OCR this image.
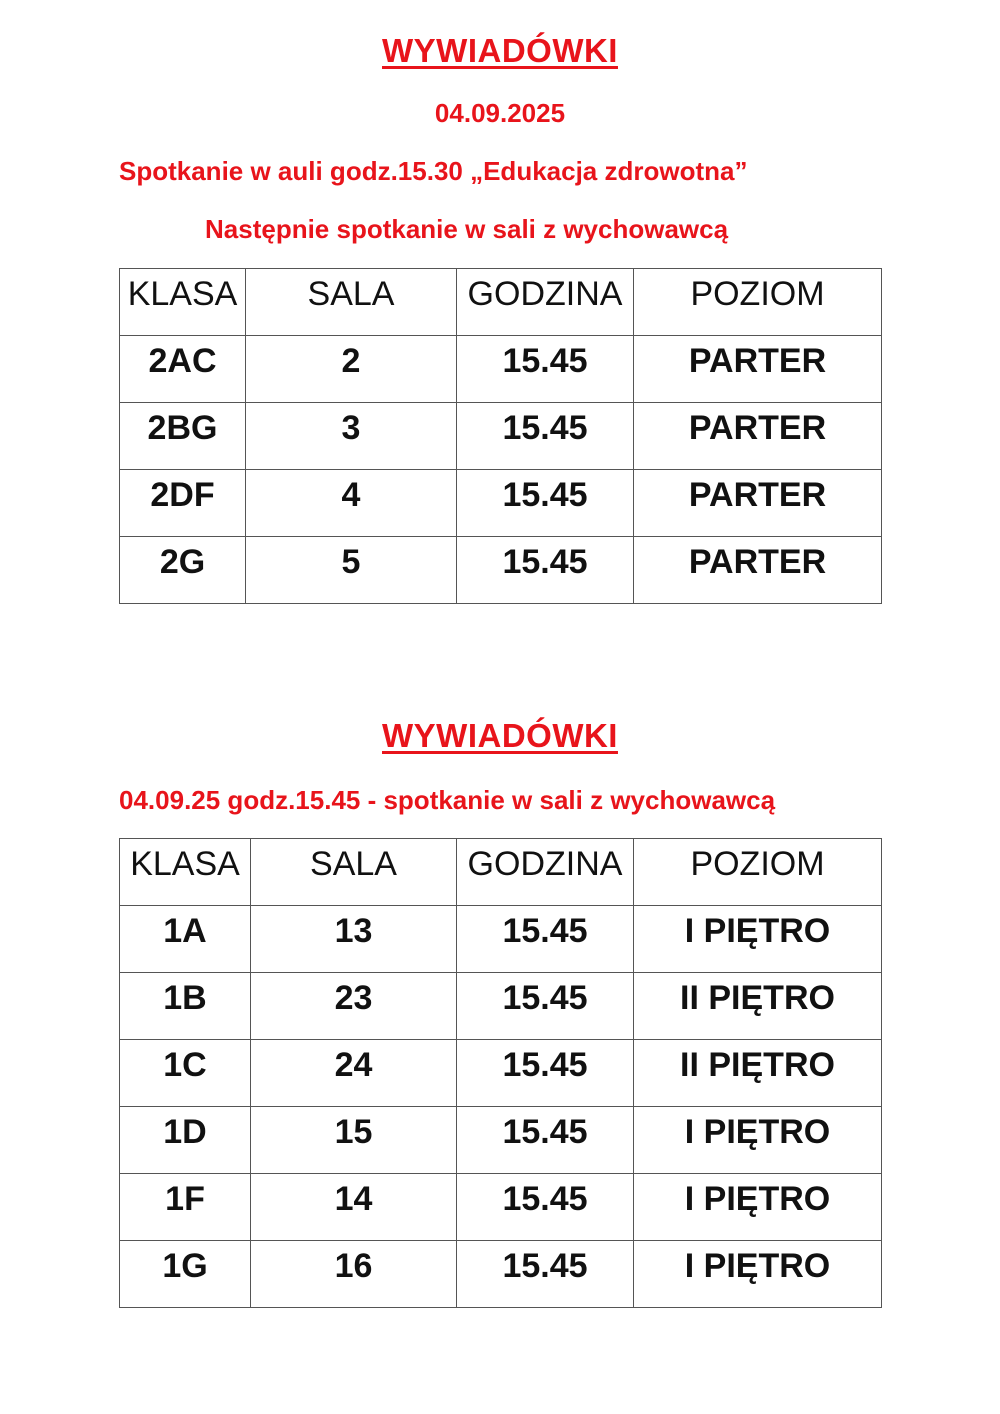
WYWIADÓWKI
04.09.2025
Spotkanie w auli godz.15.30 „Edukacja zdrowotna”
Następnie spotkanie w sali z wychowawcą
KLASA	SALA	GODZINA	POZIOM
2AC	2	15.45	PARTER
2BG	3	15.45	PARTER
2DF	4	15.45	PARTER
2G	5	15.45	PARTER
WYWIADÓWKI
04.09.25 godz.15.45 - spotkanie w sali z wychowawcą
KLASA	SALA	GODZINA	POZIOM
1A	13	15.45	I PIĘTRO
1B	23	15.45	II PIĘTRO
1C	24	15.45	II PIĘTRO
1D	15	15.45	I PIĘTRO
1F	14	15.45	I PIĘTRO
1G	16	15.45	I PIĘTRO
